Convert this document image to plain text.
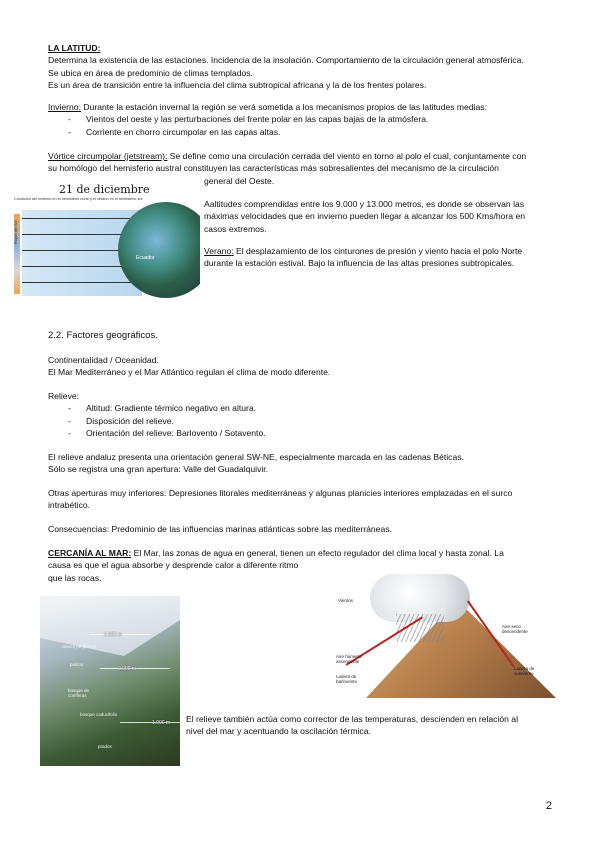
LA LATITUD:

Determina la existencia de las estaciones. Incidencia de la insolación. Comportamiento de la circulación general atmosférica.

Se ubica en área de predominio de climas templados.

Es un área de transición entre la influencia del clima subtropical africana y la de los frentes polares.

Invierno: Durante la estación invernal la región se verá sometida a los mecanismos propios de las latitudes medias:

- Vientos del oeste y las perturbaciones del frente polar en las capas bajas de la atmósfera.
- Corriente en chorro circumpolar en las capas altas.

Vórtice circumpolar (jetstream): Se define como una circulación cerrada del viento en torno al polo el cual, conjuntamente con

su homólogo del hemisferio austral constituyen las características más sobresalientes del mecanismo de la circulación

general del Oeste.

21 de diciembre
Condición del invierno en el hemisferio norte y el verano en el hemisferio sur
Rayos del Sol
Ecuador

Aaltitudes comprendidas entre los 9.000 y 13.000 metros, es donde se observan las

máximas velocidades que en invierno pueden llegar a alcanzar los 500 Kms/hora en

casos extremos.

Verano: El desplazamiento de los cinturones de presión y viento hacia el polo Norte

durante la estación estival. Bajo la influencia de las altas presiones subtropicales.

2.2. Factores geográficos.

Continentalidad / Oceanidad.

El Mar Mediterráneo y el Mar Atlántico regulan el clima de modo diferente.

Relieve:

- Altitud: Gradiente térmico negativo en altura.
- Disposición del relieve.
- Orientación del relieve: Barlovento / Sotavento.

El relieve andaluz presenta una orientación general SW-NE, especialmente marcada en las cadenas Béticas.

Sólo se registra una gran apertura: Valle del Guadalquivir.

Otras aperturas muy inferiores: Depresiones litorales mediterráneas y algunas planicies interiores emplazadas en el surco

intrabético.

Consecuencias: Predominio de las influencias marinas atlánticas sobre las mediterráneas.

CERCANÍA AL MAR: El Mar, las zonas de agua en general, tienen un efecto regulador del clima local y hasta zonal. La

causa es que el agua absorbe y desprende calor a diferente ritmo

que las rocas.

3.000 m
2.000 m
1.000 m
nieves perpetuas
pastos
bosque de coníferas
bosque caducifolio
prados
Vientos
Aire seco descendente
Aire húmedo ascendente
Ladera de barlovento
Ladera de sotavento

El relieve también actúa como corrector de las temperaturas, descienden en relación al

nivel del mar y acentuando la oscilación térmica.

2
